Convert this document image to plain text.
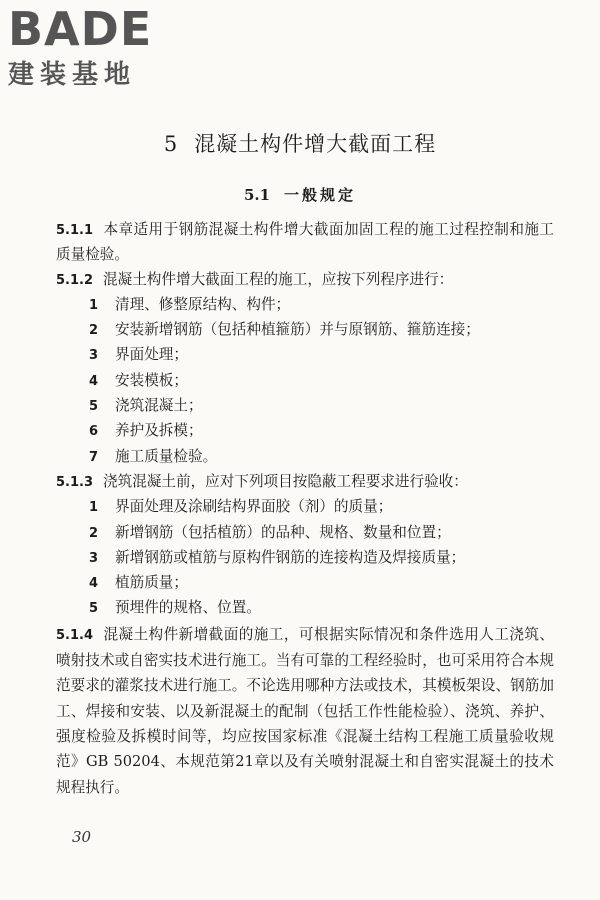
BADE
建装基地
5 混凝土构件增大截面工程
5.1 一般规定

5.1.1 本章适用于钢筋混凝土构件增大截面加固工程的施工过程控制和施工质量检验。

5.1.2 混凝土构件增大截面工程的施工，应按下列程序进行：

1 清理、修整原结构、构件；

2 安装新增钢筋（包括种植箍筋）并与原钢筋、箍筋连接；

3 界面处理；

4 安装模板；

5 浇筑混凝土；

6 养护及拆模；

7 施工质量检验。

5.1.3 浇筑混凝土前，应对下列项目按隐蔽工程要求进行验收：

1 界面处理及涂刷结构界面胶（剂）的质量；

2 新增钢筋（包括植筋）的品种、规格、数量和位置；

3 新增钢筋或植筋与原构件钢筋的连接构造及焊接质量；

4 植筋质量；

5 预埋件的规格、位置。

5.1.4 混凝土构件新增截面的施工，可根据实际情况和条件选用人工浇筑、喷射技术或自密实技术进行施工。当有可靠的工程经验时，也可采用符合本规范要求的灌浆技术进行施工。不论选用哪种方法或技术，其模板架设、钢筋加工、焊接和安装、以及新混凝土的配制（包括工作性能检验）、浇筑、养护、强度检验及拆模时间等，均应按国家标准《混凝土结构工程施工质量验收规范》GB 50204、本规范第21章以及有关喷射混凝土和自密实混凝土的技术规程执行。

30
